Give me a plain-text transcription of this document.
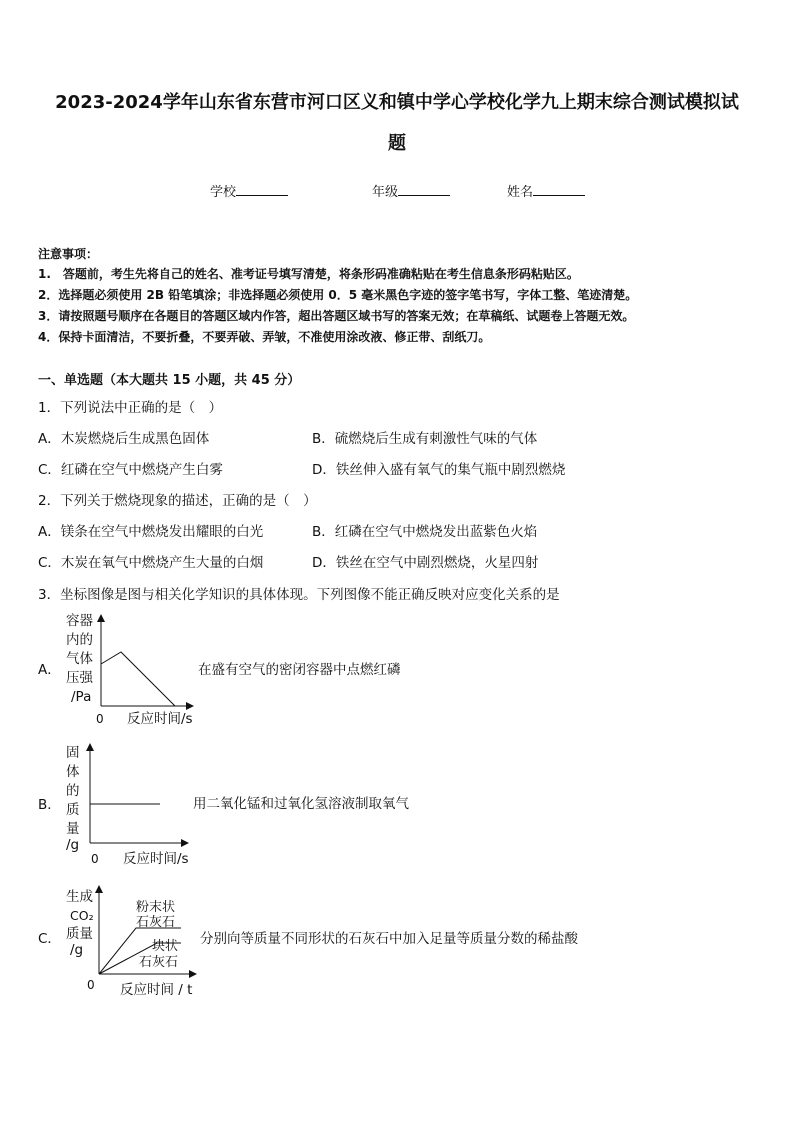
2023-2024学年山东省东营市河口区义和镇中学心学校化学九上期末综合测试模拟试
题
学校	年级	姓名
注意事项：
1.　答题前，考生先将自己的姓名、准考证号填写清楚，将条形码准确粘贴在考生信息条形码粘贴区。
2．选择题必须使用 2B 铅笔填涂；非选择题必须使用 0．5 毫米黑色字迹的签字笔书写，字体工整、笔迹清楚。
3．请按照题号顺序在各题目的答题区域内作答，超出答题区域书写的答案无效；在草稿纸、试题卷上答题无效。
4．保持卡面清洁，不要折叠，不要弄破、弄皱，不准使用涂改液、修正带、刮纸刀。
一、单选题（本大题共 15 小题，共 45 分）
1．下列说法中正确的是（　）
A．木炭燃烧后生成黑色固体	B．硫燃烧后生成有刺激性气味的气体
C．红磷在空气中燃烧产生白雾	D．铁丝伸入盛有氧气的集气瓶中剧烈燃烧
2．下列关于燃烧现象的描述，正确的是（　）
A．镁条在空气中燃烧发出耀眼的白光	B．红磷在空气中燃烧发出蓝紫色火焰
C．木炭在氧气中燃烧产生大量的白烟	D．铁丝在空气中剧烈燃烧，火星四射
3．坐标图像是图与相关化学知识的具体体现。下列图像不能正确反映对应变化关系的是
A．
容器
内的
气体
压强
/Pa
0 反应时间/s
在盛有空气的密闭容器中点燃红磷
B．
固
体
的
质
量
/g
0 反应时间/s
用二氧化锰和过氧化氢溶液制取氧气
C．
生成
CO₂
质量
/g
粉末状
石灰石
块状
石灰石
0 反应时间 / t
分别向等质量不同形状的石灰石中加入足量等质量分数的稀盐酸
